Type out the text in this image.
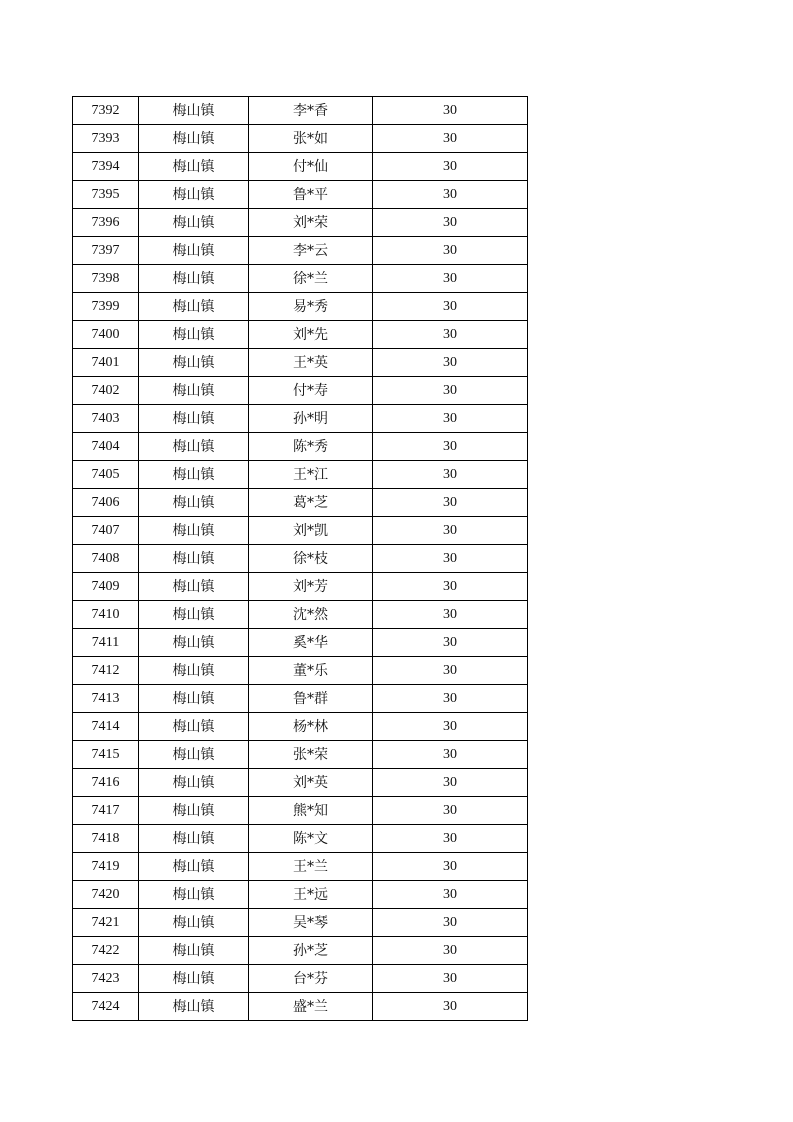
7392	梅山镇	李*香	30
7393	梅山镇	张*如	30
7394	梅山镇	付*仙	30
7395	梅山镇	鲁*平	30
7396	梅山镇	刘*荣	30
7397	梅山镇	李*云	30
7398	梅山镇	徐*兰	30
7399	梅山镇	易*秀	30
7400	梅山镇	刘*先	30
7401	梅山镇	王*英	30
7402	梅山镇	付*寿	30
7403	梅山镇	孙*明	30
7404	梅山镇	陈*秀	30
7405	梅山镇	王*江	30
7406	梅山镇	葛*芝	30
7407	梅山镇	刘*凯	30
7408	梅山镇	徐*枝	30
7409	梅山镇	刘*芳	30
7410	梅山镇	沈*然	30
7411	梅山镇	奚*华	30
7412	梅山镇	董*乐	30
7413	梅山镇	鲁*群	30
7414	梅山镇	杨*林	30
7415	梅山镇	张*荣	30
7416	梅山镇	刘*英	30
7417	梅山镇	熊*知	30
7418	梅山镇	陈*文	30
7419	梅山镇	王*兰	30
7420	梅山镇	王*远	30
7421	梅山镇	吴*琴	30
7422	梅山镇	孙*芝	30
7423	梅山镇	台*芬	30
7424	梅山镇	盛*兰	30
